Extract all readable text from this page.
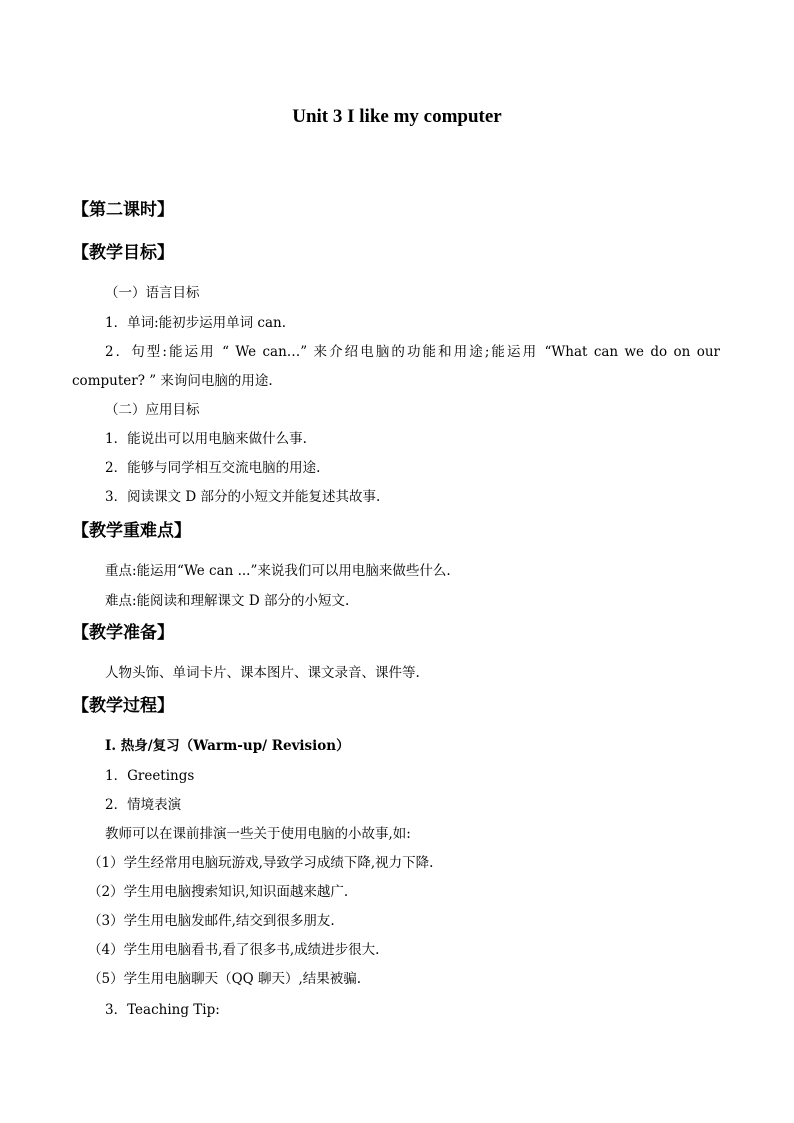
Unit 3 I like my computer
【第二课时】
【教学目标】
（一）语言目标
1．单词:能初步运用单词 can.
2．句型:能运用 “ We can…” 来介绍电脑的功能和用途;能运用 “What can we do on our
computer? ” 来询问电脑的用途.
（二）应用目标
1．能说出可以用电脑来做什么事.
2．能够与同学相互交流电脑的用途.
3．阅读课文 D 部分的小短文并能复述其故事.
【教学重难点】
重点:能运用“We can ...”来说我们可以用电脑来做些什么.
难点:能阅读和理解课文 D 部分的小短文.
【教学准备】
人物头饰、单词卡片、课本图片、课文录音、课件等.
【教学过程】
I. 热身/复习（Warm-up/ Revision）
1．Greetings
2．情境表演
教师可以在课前排演一些关于使用电脑的小故事,如:
（1）学生经常用电脑玩游戏,导致学习成绩下降,视力下降.
（2）学生用电脑搜索知识,知识面越来越广.
（3）学生用电脑发邮件,结交到很多朋友.
（4）学生用电脑看书,看了很多书,成绩进步很大.
（5）学生用电脑聊天（QQ 聊天）,结果被骗.
3．Teaching Tip:
